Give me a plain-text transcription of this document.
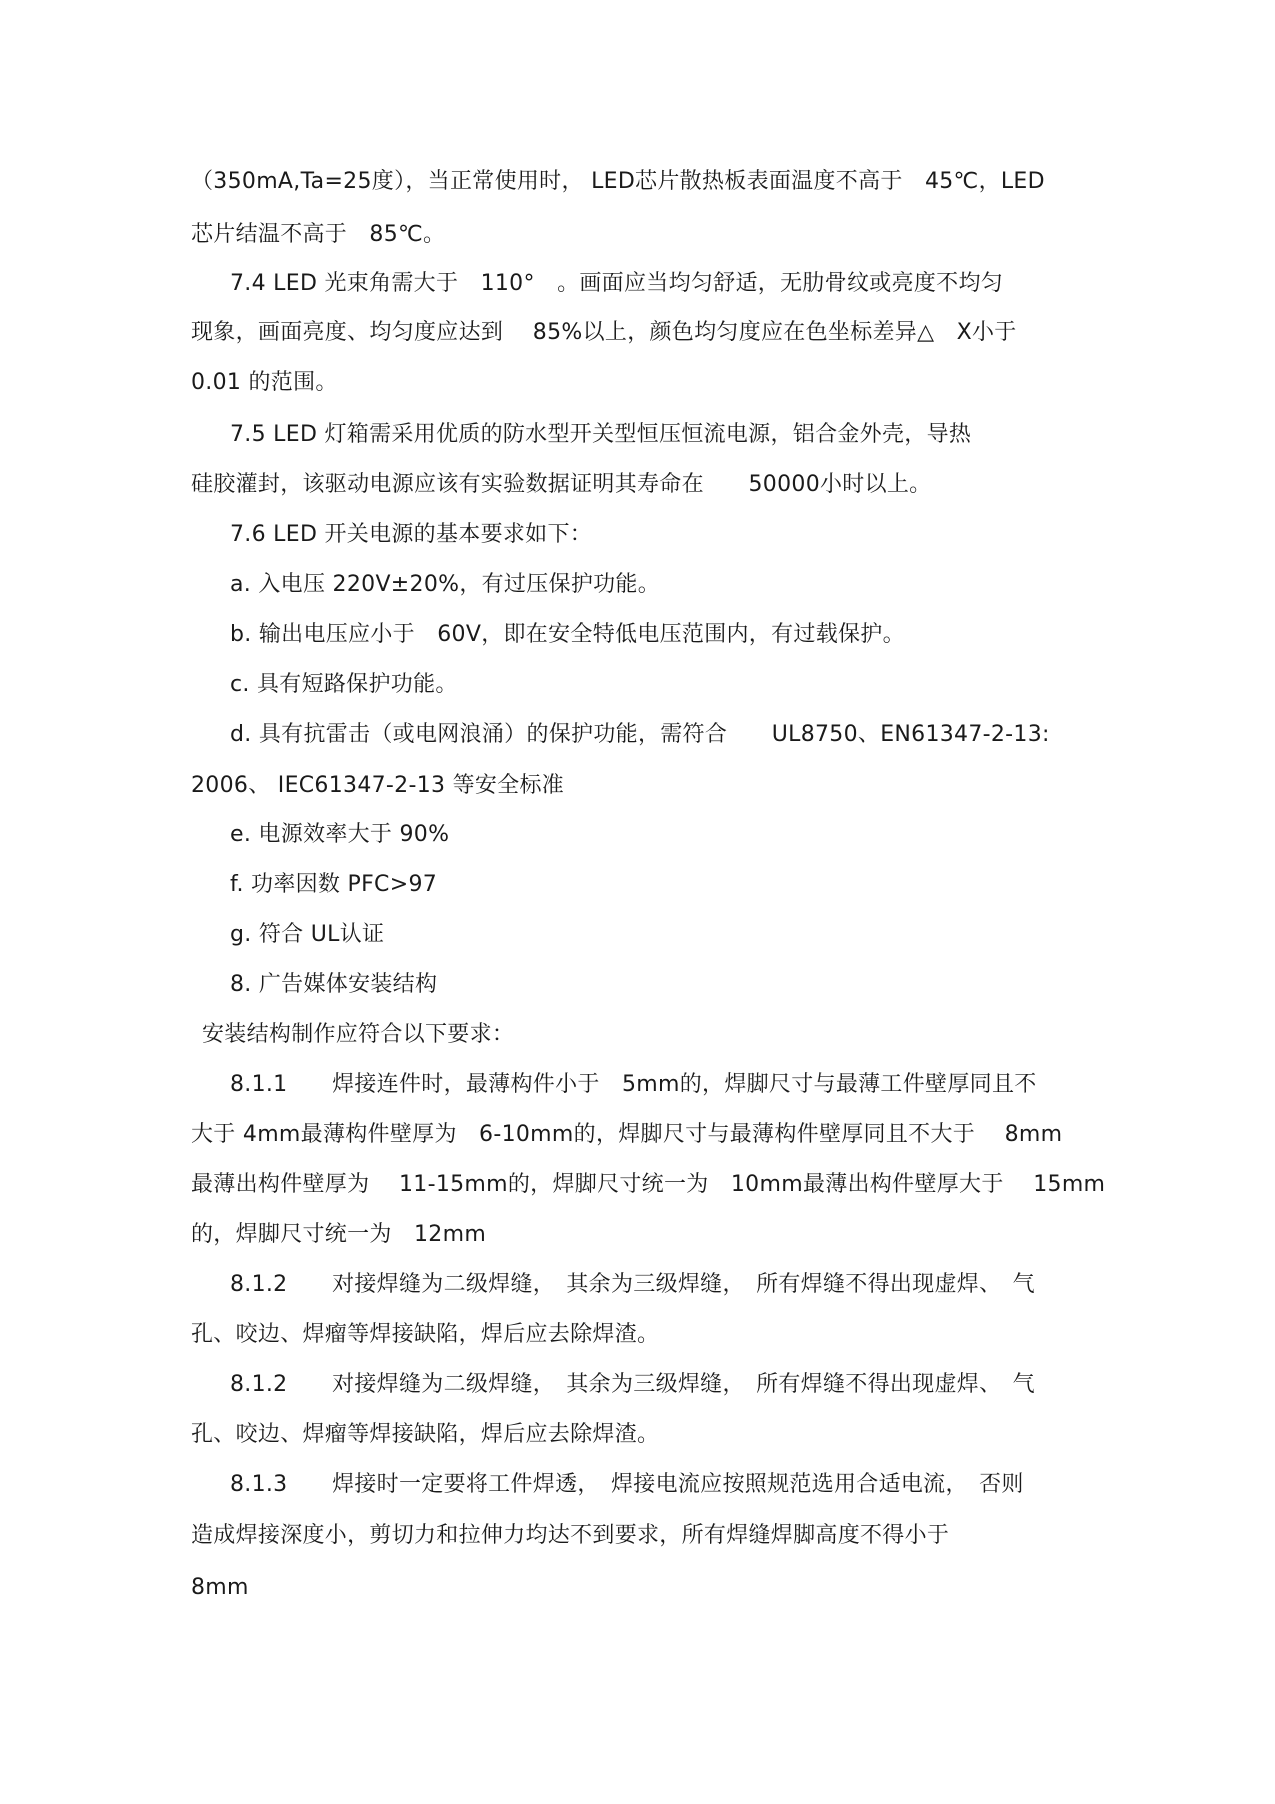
（350mA,Ta=25度），当正常使用时， LED芯片散热板表面温度不高于　45℃，LED
芯片结温不高于　85℃。
7.4 LED 光束角需大于　110°　。画面应当均匀舒适，无肋骨纹或亮度不均匀
现象，画面亮度、均匀度应达到　 85%以上，颜色均匀度应在色坐标差异△　X小于
0.01 的范围。
7.5 LED 灯箱需采用优质的防水型开关型恒压恒流电源，铝合金外壳，导热
硅胶灌封，该驱动电源应该有实验数据证明其寿命在　　50000小时以上。
7.6 LED 开关电源的基本要求如下：
a. 入电压 220V±20%，有过压保护功能。
b. 输出电压应小于　60V，即在安全特低电压范围内，有过载保护。
c. 具有短路保护功能。
d. 具有抗雷击（或电网浪涌）的保护功能，需符合　　UL8750、EN61347-2-13:
2006、 IEC61347-2-13 等安全标准
e. 电源效率大于 90%
f. 功率因数 PFC>97
g. 符合 UL认证
8. 广告媒体安装结构
安装结构制作应符合以下要求：
8.1.1　　焊接连件时，最薄构件小于　5mm的，焊脚尺寸与最薄工件壁厚同且不
大于 4mm最薄构件壁厚为　6-10mm的，焊脚尺寸与最薄构件壁厚同且不大于　 8mm
最薄出构件壁厚为　 11-15mm的，焊脚尺寸统一为　10mm最薄出构件壁厚大于　 15mm
的，焊脚尺寸统一为　12mm
8.1.2　　对接焊缝为二级焊缝，　其余为三级焊缝，　所有焊缝不得出现虚焊、　气
孔、咬边、焊瘤等焊接缺陷，焊后应去除焊渣。
8.1.2　　对接焊缝为二级焊缝，　其余为三级焊缝，　所有焊缝不得出现虚焊、　气
孔、咬边、焊瘤等焊接缺陷，焊后应去除焊渣。
8.1.3　　焊接时一定要将工件焊透，　焊接电流应按照规范选用合适电流，　否则
造成焊接深度小，剪切力和拉伸力均达不到要求，所有焊缝焊脚高度不得小于
8mm
